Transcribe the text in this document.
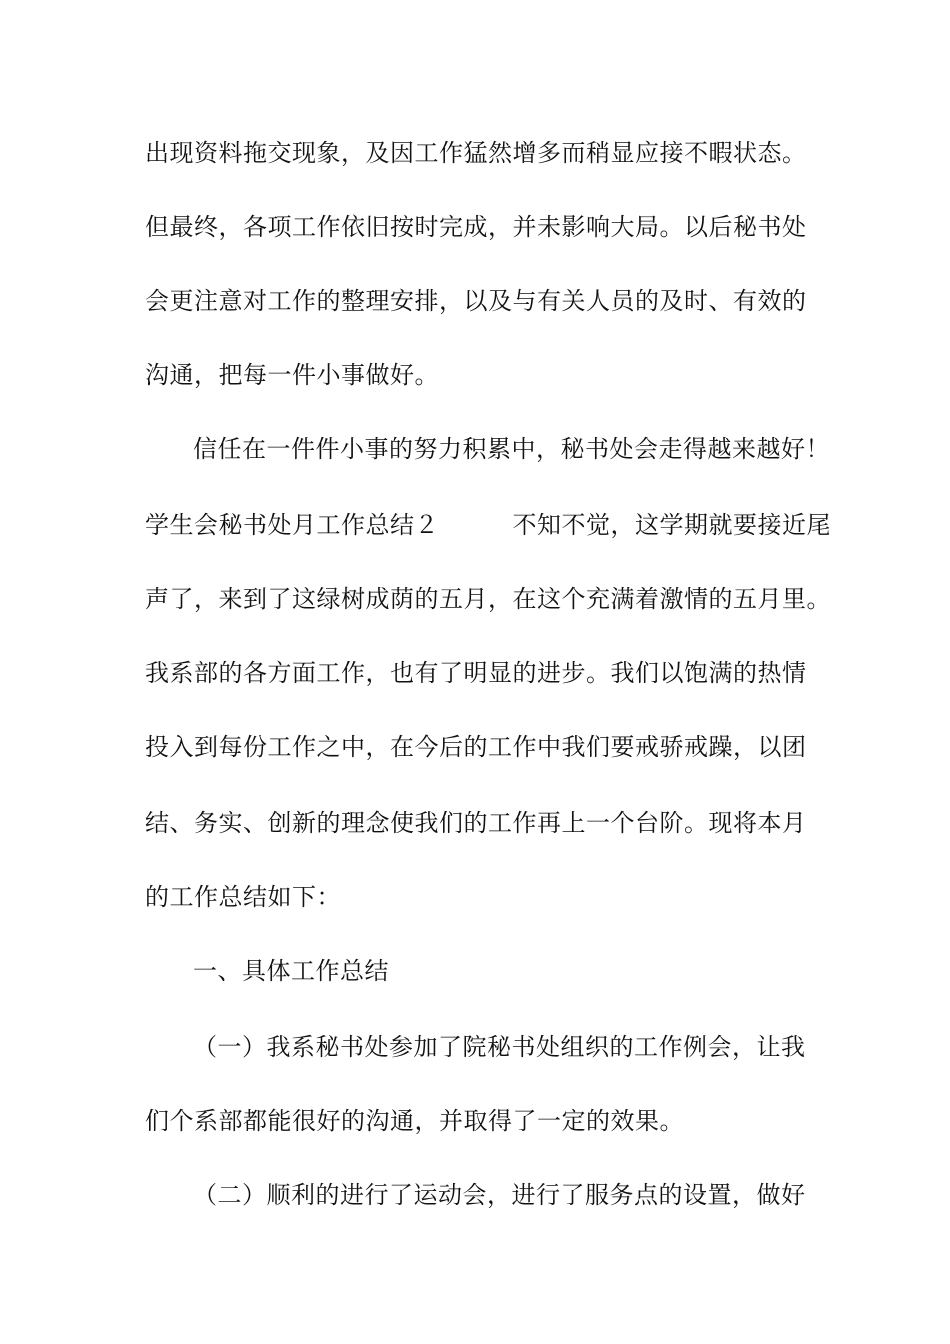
出现资料拖交现象，及因工作猛然增多而稍显应接不暇状态。
但最终，各项工作依旧按时完成，并未影响大局。以后秘书处
会更注意对工作的整理安排，以及与有关人员的及时、有效的
沟通，把每一件小事做好。
信任在一件件小事的努力积累中，秘书处会走得越来越好！
学生会秘书处月工作总结２　　　不知不觉，这学期就要接近尾
声了，来到了这绿树成荫的五月，在这个充满着激情的五月里。
我系部的各方面工作，也有了明显的进步。我们以饱满的热情
投入到每份工作之中，在今后的工作中我们要戒骄戒躁，以团
结、务实、创新的理念使我们的工作再上一个台阶。现将本月
的工作总结如下：
一、具体工作总结
（一）我系秘书处参加了院秘书处组织的工作例会，让我
们个系部都能很好的沟通，并取得了一定的效果。
（二）顺利的进行了运动会，进行了服务点的设置，做好
